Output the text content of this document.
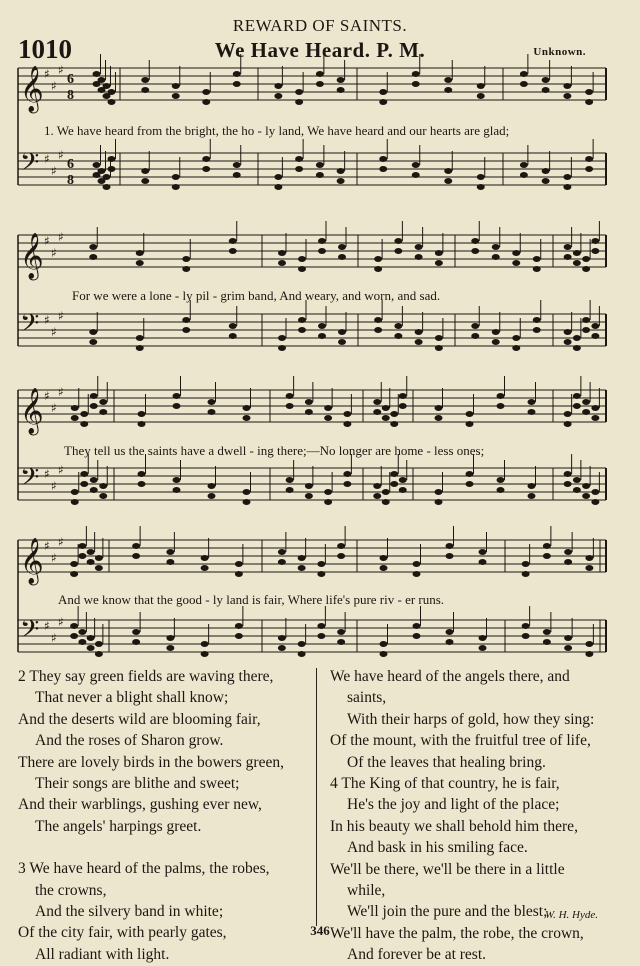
REWARD OF SAINTS.
1010	We Have Heard. P. M.	Unknown.
𝄞 ♯
♯
♯
6
8
𝄢 ♯
♯
♯
6
8
𝄞 ♯
♯
♯
𝄢 ♯
♯
♯
𝄞 ♯
♯
♯
𝄢 ♯
♯
♯
𝄞 ♯
♯
♯
𝄢 ♯
♯
♯
1. We have heard from the bright, the ho - ly land, We have heard and our hearts are glad;
For we were a lone - ly pil - grim band, And weary, and worn, and sad.
They tell us the saints have a dwell - ing there;—No longer are home - less ones;
And we know that the good - ly land is fair, Where life's pure riv - er runs.
2 They say green fields are waving there,
That never a blight shall know;
And the deserts wild are blooming fair,
And the roses of Sharon grow.
There are lovely birds in the bowers green,
Their songs are blithe and sweet;
And their warblings, gushing ever new,
The angels' harpings greet.
3 We have heard of the palms, the robes,
the crowns,
And the silvery band in white;
Of the city fair, with pearly gates,
All radiant with light.
We have heard of the angels there, and
saints,
With their harps of gold, how they sing:
Of the mount, with the fruitful tree of life,
Of the leaves that healing bring.
4 The King of that country, he is fair,
He's the joy and light of the place;
In his beauty we shall behold him there,
And bask in his smiling face.
We'll be there, we'll be there in a little
while,
We'll join the pure and the blest;
We'll have the palm, the robe, the crown,
And forever be at rest.
W. H. Hyde.
346
